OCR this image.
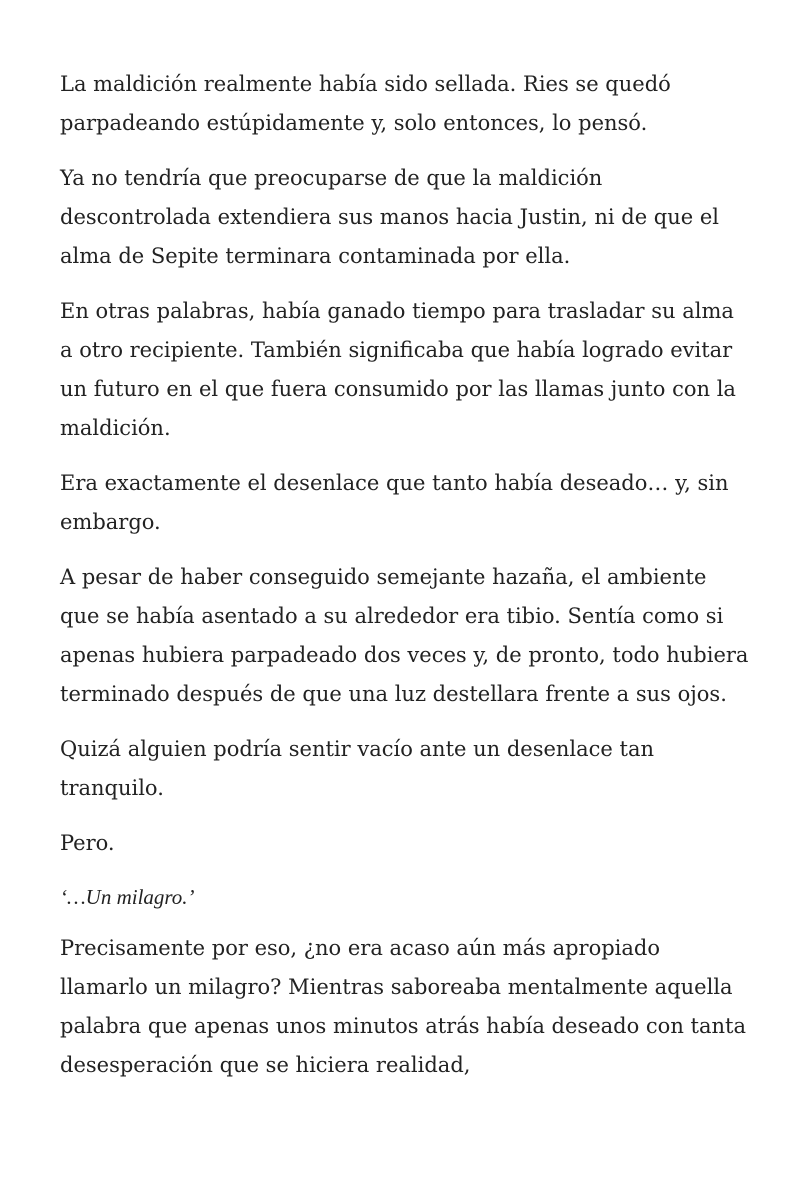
La maldición realmente había sido sellada. Ries se quedó parpadeando estúpidamente y, solo entonces, lo pensó.

Ya no tendría que preocuparse de que la maldición descontrolada extendiera sus manos hacia Justin, ni de que el alma de Sepite terminara contaminada por ella.

En otras palabras, había ganado tiempo para trasladar su alma a otro recipiente. También significaba que había logrado evitar un futuro en el que fuera consumido por las llamas junto con la maldición.

Era exactamente el desenlace que tanto había deseado… y, sin embargo.

A pesar de haber conseguido semejante hazaña, el ambiente que se había asentado a su alrededor era tibio. Sentía como si apenas hubiera parpadeado dos veces y, de pronto, todo hubiera terminado después de que una luz destellara frente a sus ojos.

Quizá alguien podría sentir vacío ante un desenlace tan tranquilo.

Pero.

‘…Un milagro.’

Precisamente por eso, ¿no era acaso aún más apropiado llamarlo un milagro? Mientras saboreaba mentalmente aquella palabra que apenas unos minutos atrás había deseado con tanta desesperación que se hiciera realidad,
